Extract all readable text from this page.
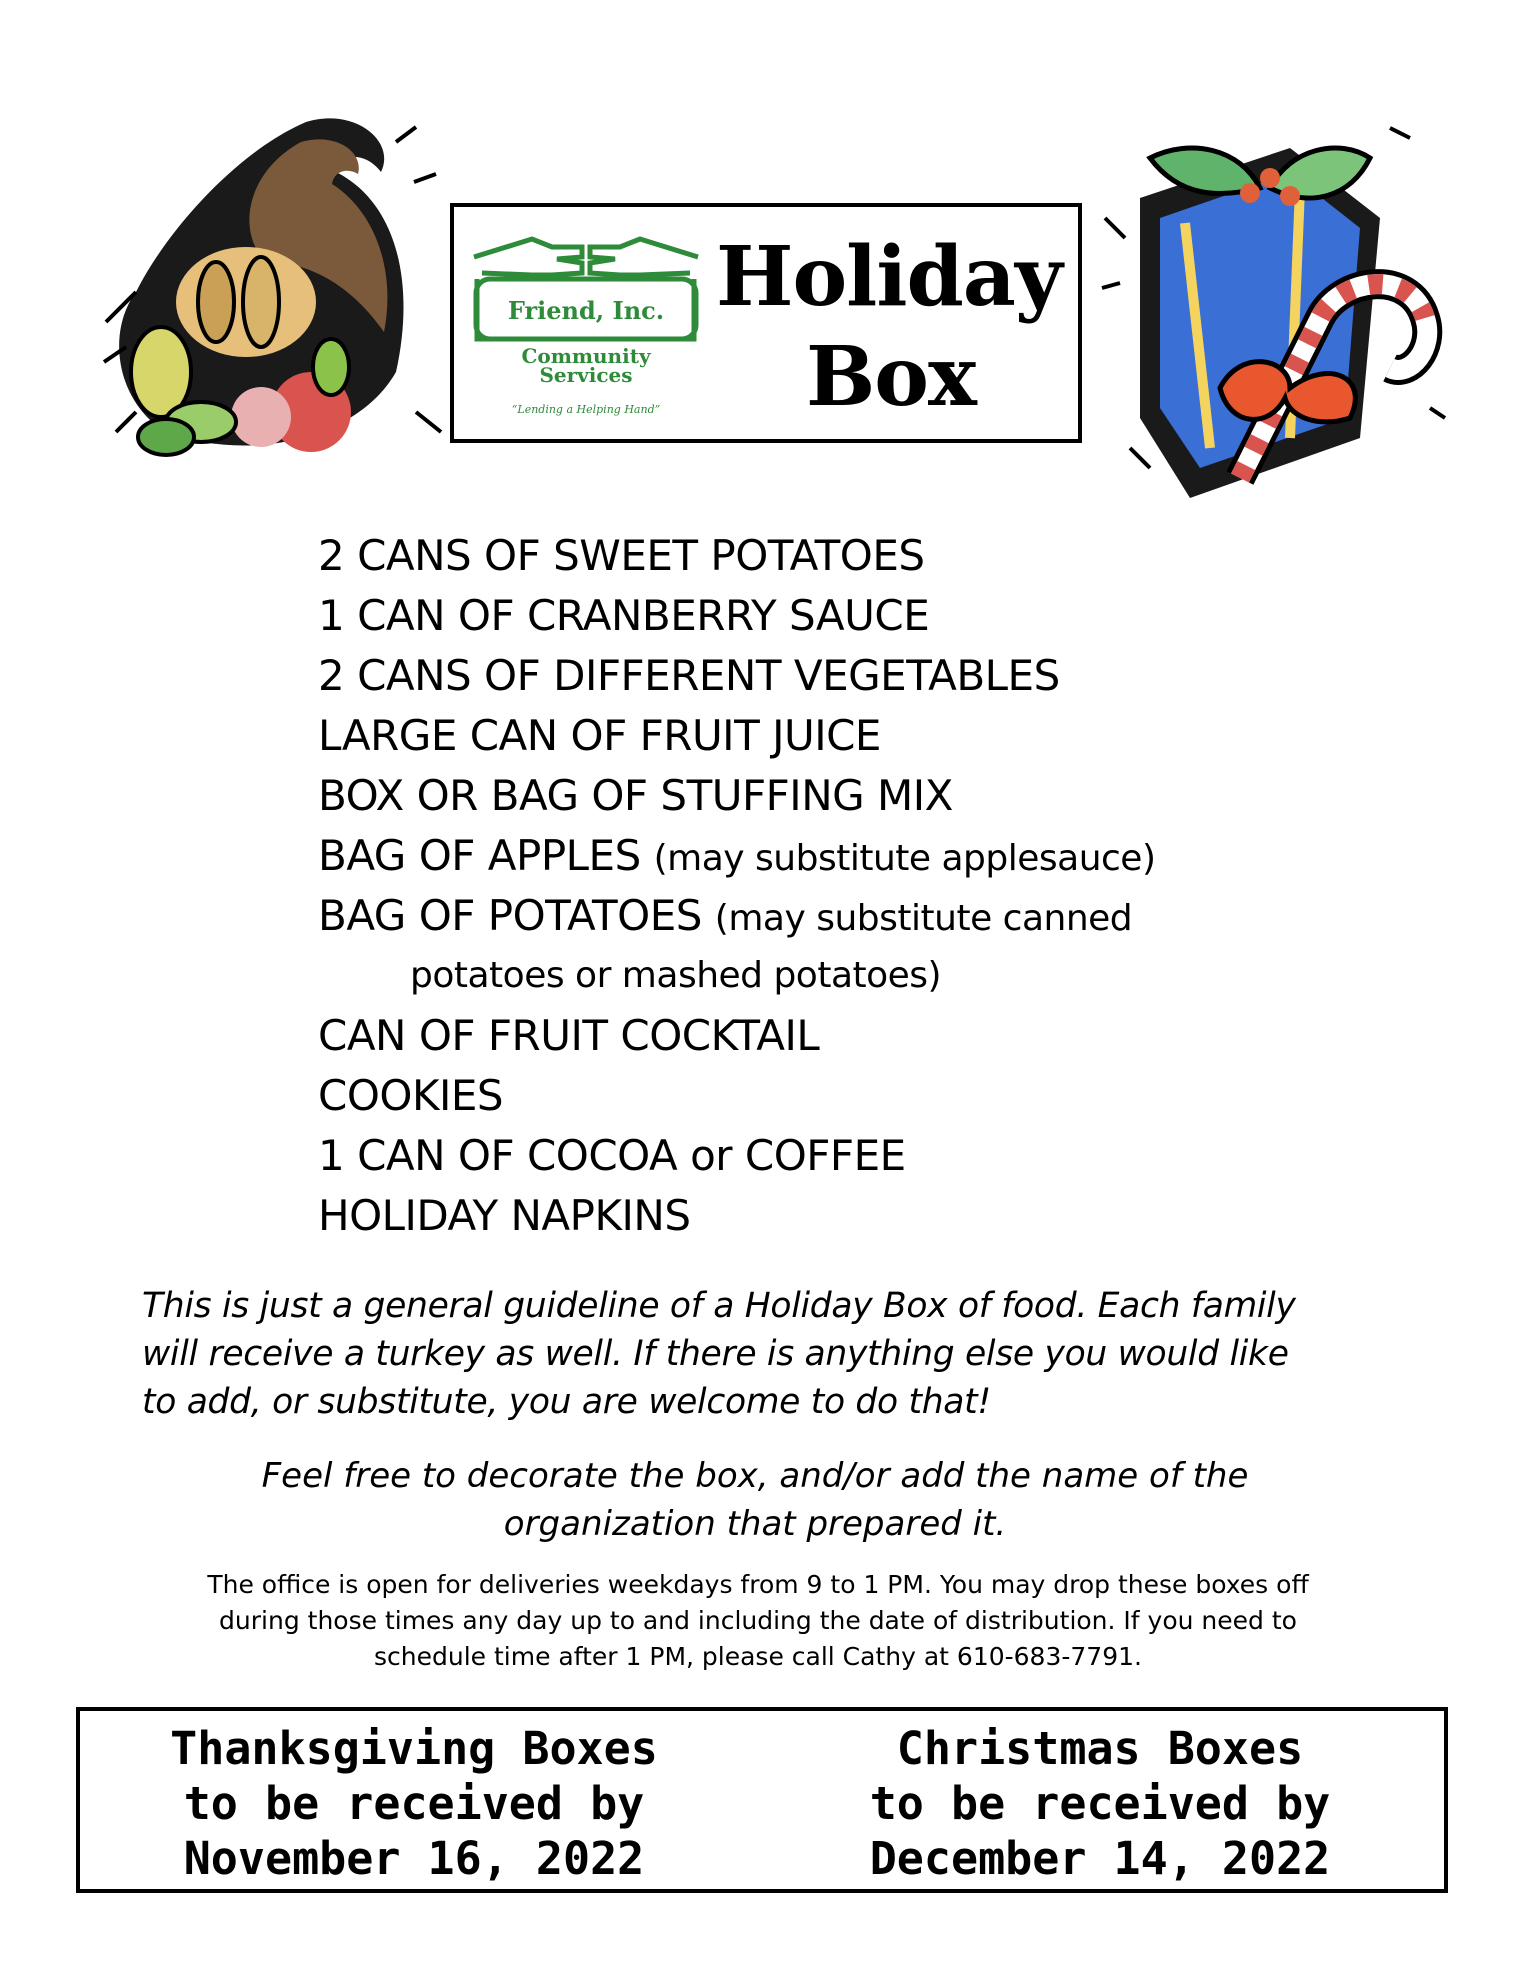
Friend, Inc.
Community
Services
“Lending a Helping Hand”
Holiday
Box
2 CANS OF SWEET POTATOES
1 CAN OF CRANBERRY SAUCE
2 CANS OF DIFFERENT VEGETABLES
LARGE CAN OF FRUIT JUICE
BOX OR BAG OF STUFFING MIX
BAG OF APPLES (may substitute applesauce)
BAG OF POTATOES (may substitute canned
potatoes or mashed potatoes)
CAN OF FRUIT COCKTAIL
COOKIES
1 CAN OF COCOA or COFFEE
HOLIDAY NAPKINS
This is just a general guideline of a Holiday Box of food. Each family
will receive a turkey as well. If there is anything else you would like
to add, or substitute, you are welcome to do that!
Feel free to decorate the box, and/or add the name of the
organization that prepared it.
The office is open for deliveries weekdays from 9 to 1 PM. You may drop these boxes off
during those times any day up to and including the date of distribution. If you need to
schedule time after 1 PM, please call Cathy at 610-683-7791.
Thanksgiving Boxes
to be received by
November 16, 2022
Christmas Boxes
to be received by
December 14, 2022
